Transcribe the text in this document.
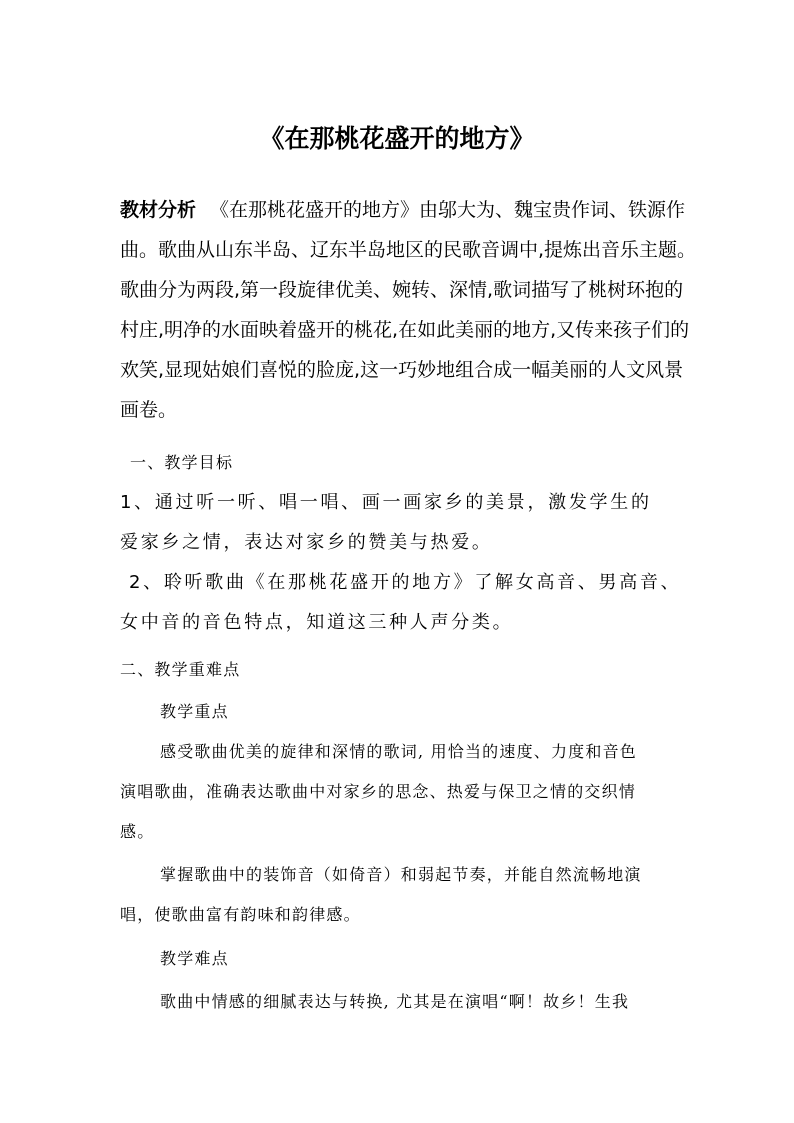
《在那桃花盛开的地方》
教材分析 《在那桃花盛开的地方》由邬大为、魏宝贵作词、铁源作
曲。歌曲从山东半岛、辽东半岛地区的民歌音调中,提炼出音乐主题。
歌曲分为两段,第一段旋律优美、婉转、深情,歌词描写了桃树环抱的
村庄,明净的水面映着盛开的桃花,在如此美丽的地方,又传来孩子们的
欢笑,显现姑娘们喜悦的脸庞,这一巧妙地组合成一幅美丽的人文风景
画卷。
一、教学目标
1、通过听一听、唱一唱、画一画家乡的美景，激发学生的
爱家乡之情，表达对家乡的赞美与热爱。
2、聆听歌曲《在那桃花盛开的地方》了解女高音、男高音、
女中音的音色特点，知道这三种人声分类。
二、教学重难点
教学重点
感受歌曲优美的旋律和深情的歌词, 用恰当的速度、力度和音色
演唱歌曲，准确表达歌曲中对家乡的思念、热爱与保卫之情的交织情
感。
掌握歌曲中的装饰音（如倚音）和弱起节奏，并能自然流畅地演
唱，使歌曲富有韵味和韵律感。
教学难点
歌曲中情感的细腻表达与转换, 尤其是在演唱“啊！故乡！生我
